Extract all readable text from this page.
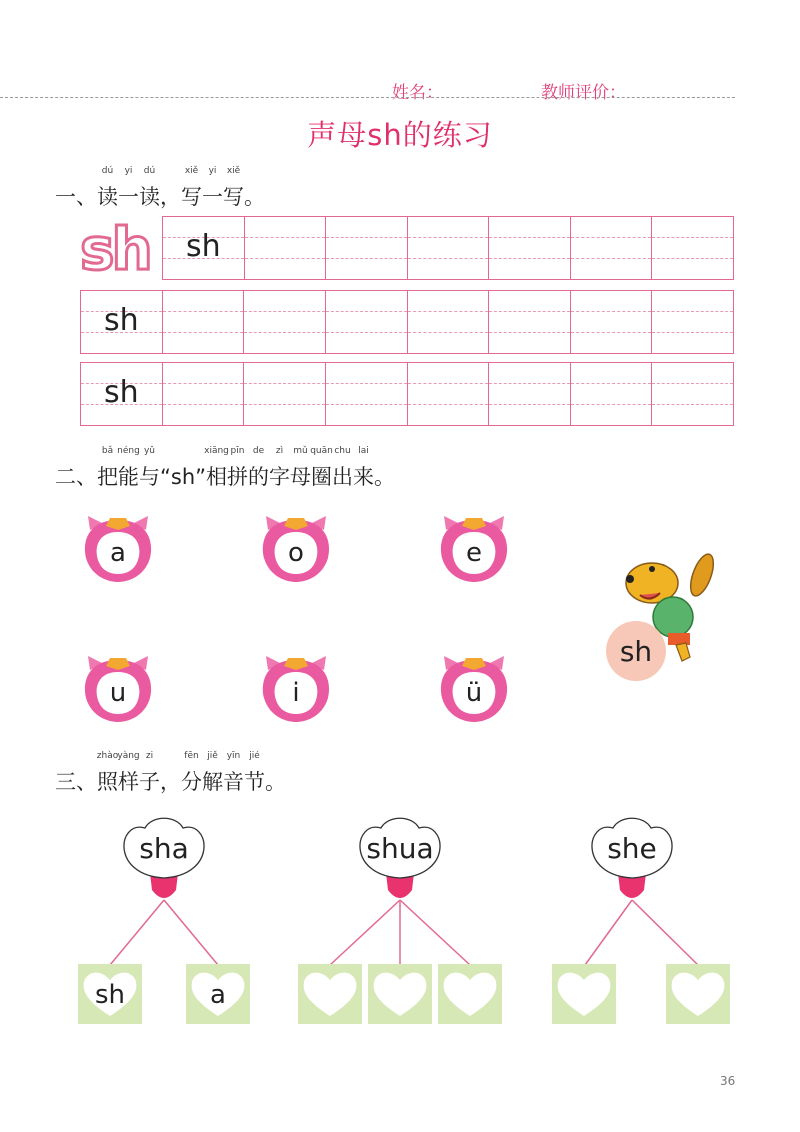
姓名：	教师评价：
声母sh的练习
一、读
dú
一
yi
读
dú
，写
xiě
一
yi
写
xiě
。
sh	sh
sh
sh
二、把
bǎ
能
néng
与
yǔ
“sh”相
xiāng
拼
pīn
的
de
字
zì
母
mǔ
圈
quān
出
chu
来
lai
。
a	o	e
u	i	ü
sh
三、照
zhào
样
yàng
子
zi
，分
fēn
解
jiě
音
yīn
节
jié
。
sha	shua	she
sh	a
36
